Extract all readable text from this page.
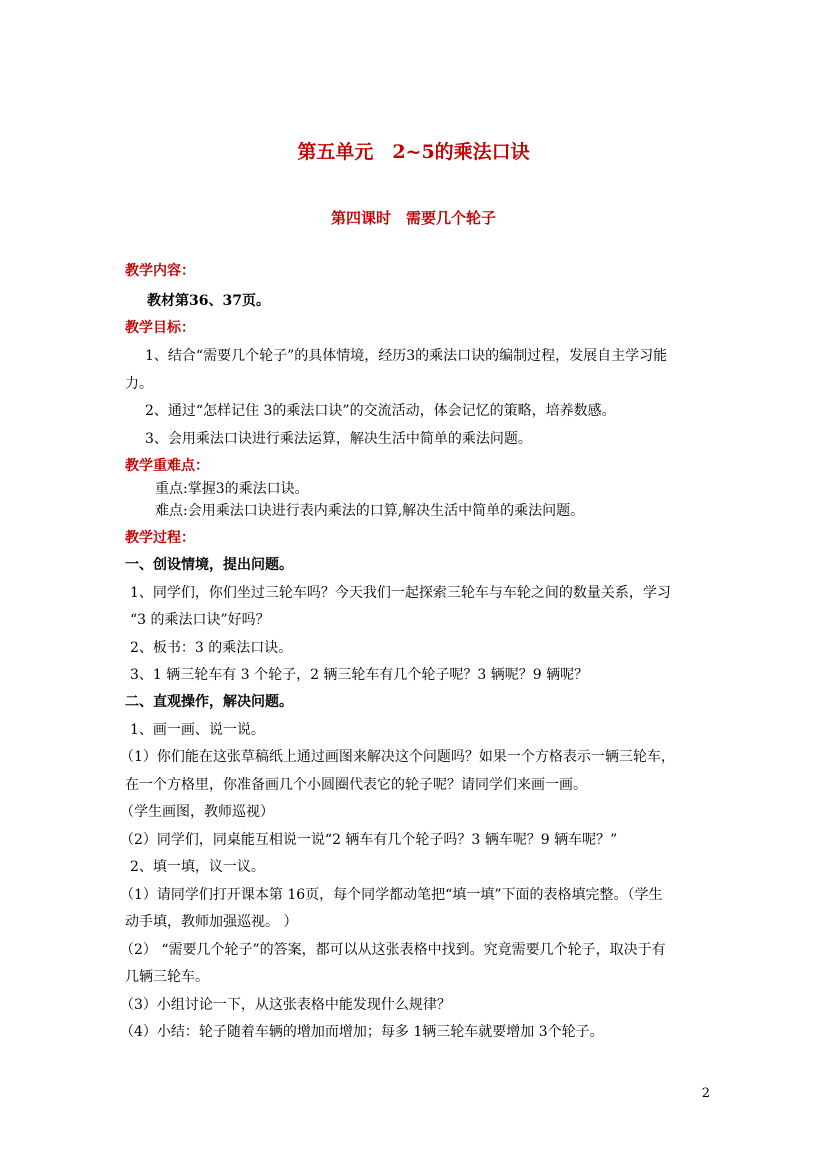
第五单元　2~5的乘法口诀
第四课时　需要几个轮子
教学内容：
教材第36、37页。
教学目标：
1、结合“需要几个轮子”的具体情境，经历3的乘法口诀的编制过程，发展自主学习能
力。
2、通过“怎样记住 3的乘法口诀”的交流活动，体会记忆的策略，培养数感。
3、会用乘法口诀进行乘法运算，解决生活中简单的乘法问题。
教学重难点：
重点:掌握3的乘法口诀。
难点:会用乘法口诀进行表内乘法的口算,解决生活中简单的乘法问题。
教学过程：
一、创设情境，提出问题。
1、同学们，你们坐过三轮车吗？今天我们一起探索三轮车与车轮之间的数量关系，学习
“3 的乘法口诀”好吗？
2、板书：3 的乘法口诀。
3、1 辆三轮车有 3 个轮子，2 辆三轮车有几个轮子呢？3 辆呢？9 辆呢？
二、直观操作，解决问题。
1、画一画、说一说。
（1）你们能在这张草稿纸上通过画图来解决这个问题吗？如果一个方格表示一辆三轮车，
在一个方格里，你准备画几个小圆圈代表它的轮子呢？请同学们来画一画。
（学生画图，教师巡视）
（2）同学们，同桌能互相说一说“2 辆车有几个轮子吗？3 辆车呢？9 辆车呢？”
2、填一填，议一议。
（1）请同学们打开课本第 16页，每个同学都动笔把“填一填”下面的表格填完整。（学生
动手填，教师加强巡视。 ）
（2） “需要几个轮子”的答案，都可以从这张表格中找到。究竟需要几个轮子，取决于有
几辆三轮车。
（3）小组讨论一下，从这张表格中能发现什么规律？
（4）小结：轮子随着车辆的增加而增加；每多 1辆三轮车就要增加 3个轮子。
2
